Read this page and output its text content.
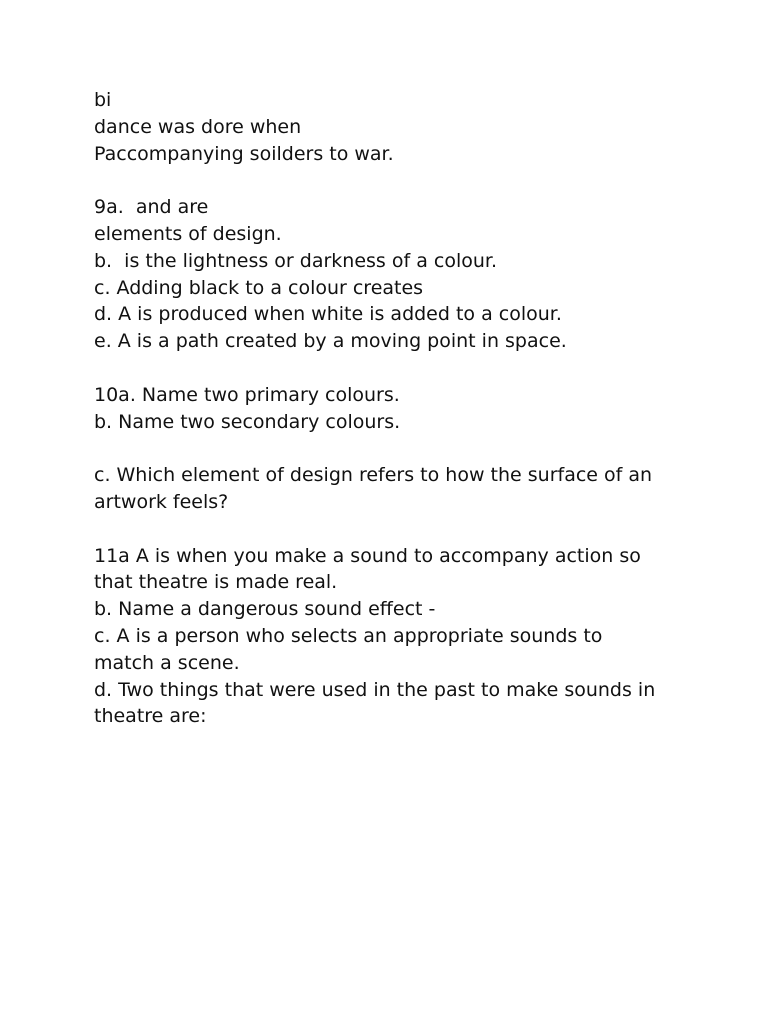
bi
dance was dore when
Paccompanying soilders to war.
9a.  and are
elements of design.
b.  is the lightness or darkness of a colour.
c. Adding black to a colour creates
d. A is produced when white is added to a colour.
e. A is a path created by a moving point in space.
10a. Name two primary colours.
b. Name two secondary colours.
c. Which element of design refers to how the surface of an
artwork feels?
11a A is when you make a sound to accompany action so
that theatre is made real.
b. Name a dangerous sound effect -
c. A is a person who selects an appropriate sounds to
match a scene.
d. Two things that were used in the past to make sounds in
theatre are:
